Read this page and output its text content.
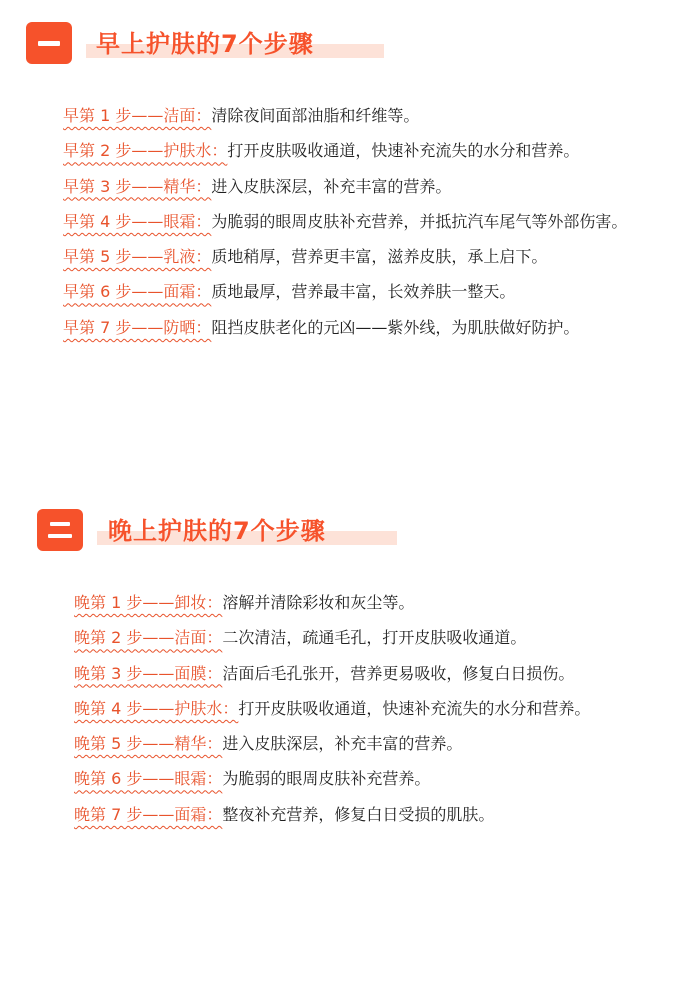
早上护肤的7个步骤

早第 1 步——洁面：清除夜间面部油脂和纤维等。

早第 2 步——护肤水：打开皮肤吸收通道，快速补充流失的水分和营养。

早第 3 步——精华：进入皮肤深层，补充丰富的营养。

早第 4 步——眼霜：为脆弱的眼周皮肤补充营养，并抵抗汽车尾气等外部伤害。

早第 5 步——乳液：质地稍厚，营养更丰富，滋养皮肤，承上启下。

早第 6 步——面霜：质地最厚，营养最丰富，长效养肤一整天。

早第 7 步——防晒：阻挡皮肤老化的元凶——紫外线，为肌肤做好防护。

晚上护肤的7个步骤

晚第 1 步——卸妆：溶解并清除彩妆和灰尘等。

晚第 2 步——洁面：二次清洁，疏通毛孔，打开皮肤吸收通道。

晚第 3 步——面膜：洁面后毛孔张开，营养更易吸收，修复白日损伤。

晚第 4 步——护肤水：打开皮肤吸收通道，快速补充流失的水分和营养。

晚第 5 步——精华：进入皮肤深层，补充丰富的营养。

晚第 6 步——眼霜：为脆弱的眼周皮肤补充营养。

晚第 7 步——面霜：整夜补充营养，修复白日受损的肌肤。
